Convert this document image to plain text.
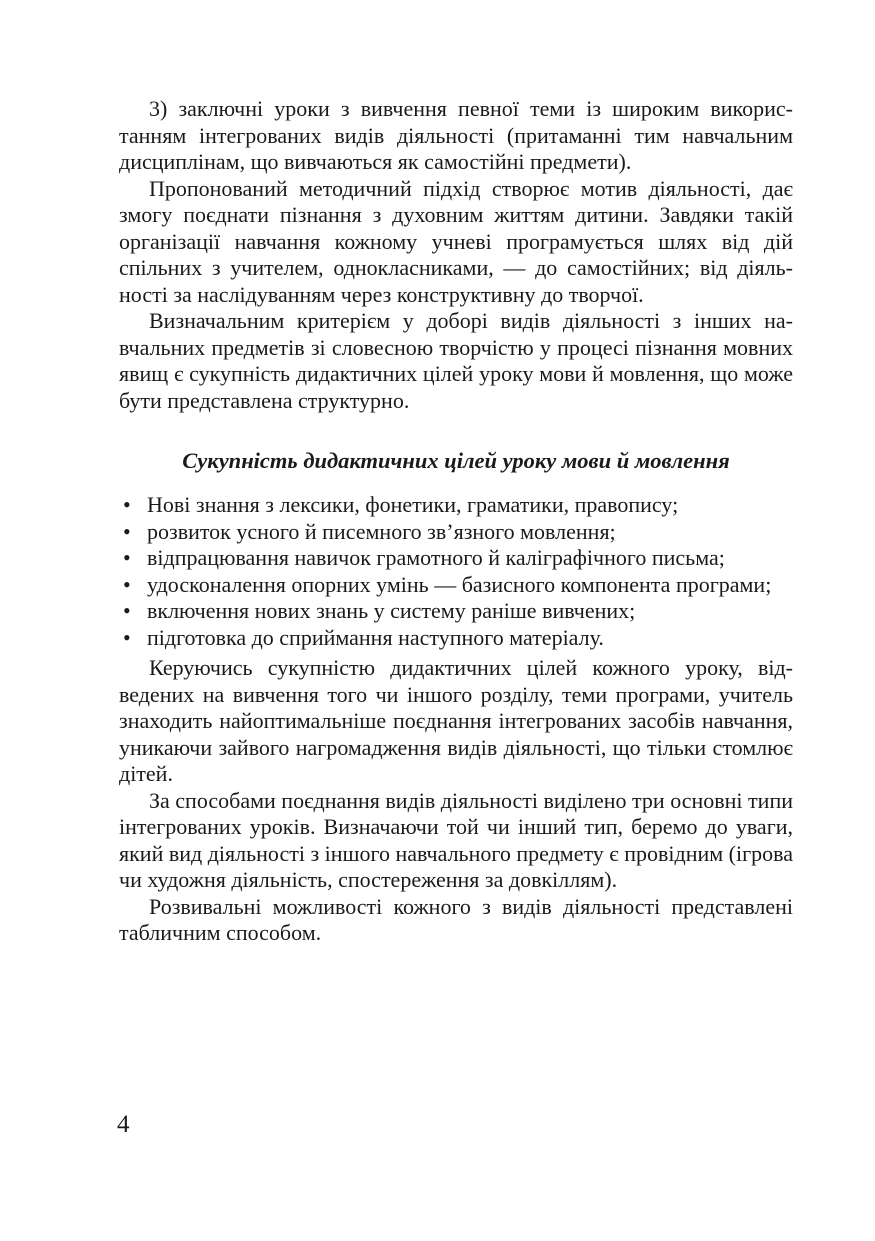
3) заключні уроки з вивчення певної теми із широким використанням інтегрованих видів діяльності (притаманні тим навчальним дисциплінам, що вивчаються як самостійні предмети).

Пропонований методичний підхід створює мотив діяльності, дає змогу поєднати пізнання з духовним життям дитини. Завдяки такій організації навчання кожному учневі програмується шлях від дій спільних з учителем, однокласниками, — до самостійних; від діяльності за наслідуванням через конструктивну до творчої.

Визначальним критерієм у доборі видів діяльності з інших навчальних предметів зі словесною творчістю у процесі пізнання мовних явищ є сукупність дидактичних цілей уроку мови й мовлення, що може бути представлена структурно.

Сукупність дидактичних цілей уроку мови й мовлення
• Нові знання з лексики, фонетики, граматики, правопису;
• розвиток усного й писемного зв’язного мовлення;
• відпрацювання навичок грамотного й каліграфічного письма;
• удосконалення опорних умінь — базисного компонента програми;
• включення нових знань у систему раніше вивчених;
• підготовка до сприймання наступного матеріалу.

Керуючись сукупністю дидактичних цілей кожного уроку, відведених на вивчення того чи іншого розділу, теми програми, учитель знаходить найоптимальніше поєднання інтегрованих засобів навчання, уникаючи зайвого нагромадження видів діяльності, що тільки стомлює дітей.

За способами поєднання видів діяльності виділено три основні типи інтегрованих уроків. Визначаючи той чи інший тип, беремо до уваги, який вид діяльності з іншого навчального предмету є провідним (ігрова чи художня діяльність, спостереження за довкіллям).

Розвивальні можливості кожного з видів діяльності представлені табличним способом.

4
